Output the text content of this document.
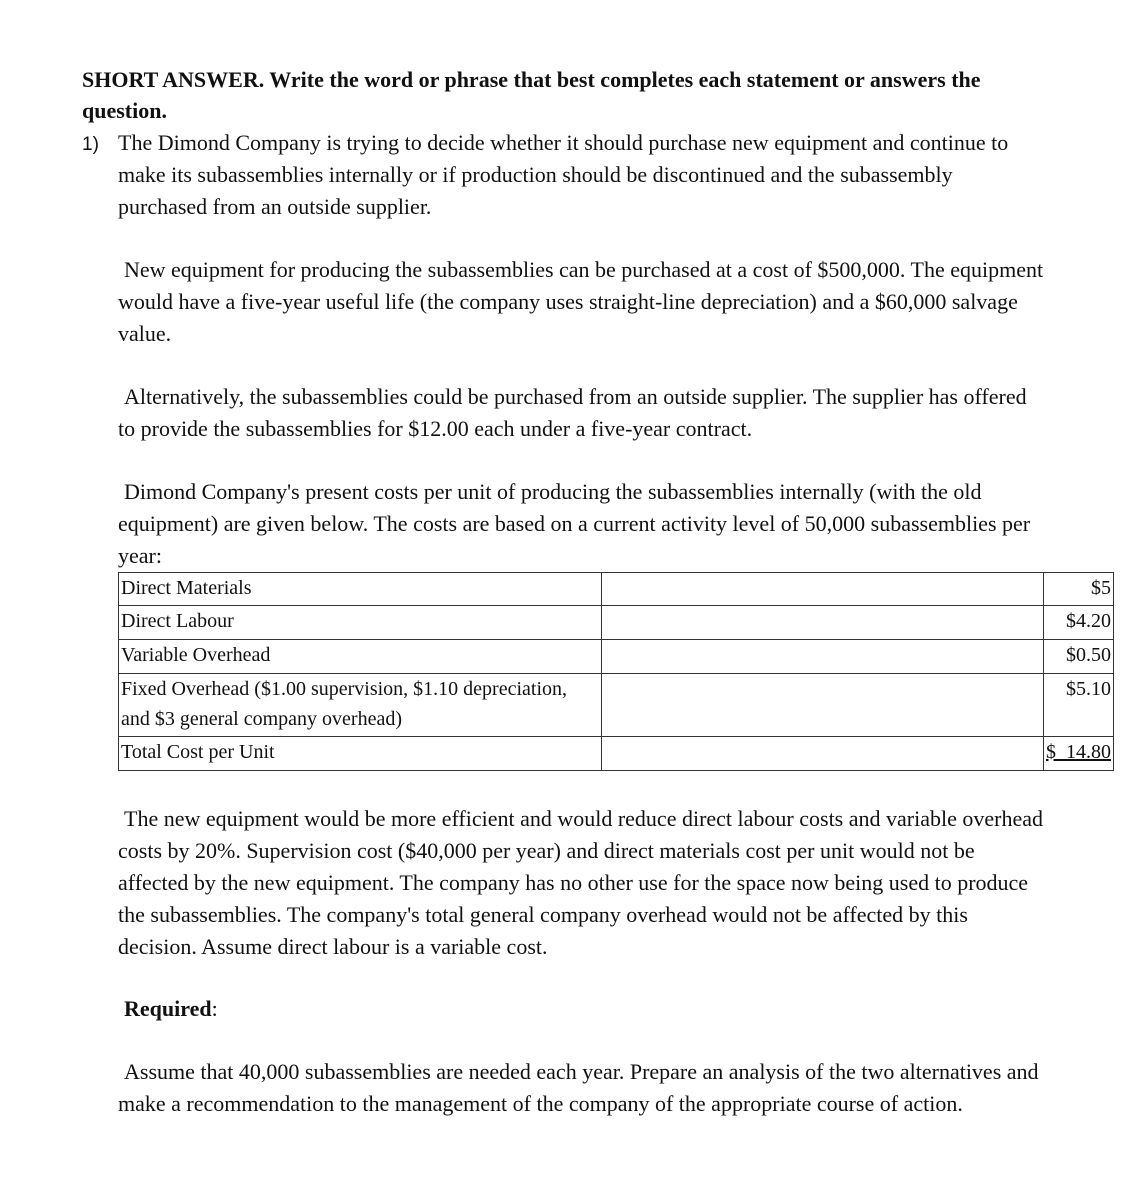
SHORT ANSWER. Write the word or phrase that best completes each statement or answers the question.
1) The Dimond Company is trying to decide whether it should purchase new equipment and continue to make its subassemblies internally or if production should be discontinued and the subassembly purchased from an outside supplier.
New equipment for producing the subassemblies can be purchased at a cost of $500,000. The equipment would have a five-year useful life (the company uses straight-line depreciation) and a $60,000 salvage value.
Alternatively, the subassemblies could be purchased from an outside supplier. The supplier has offered to provide the subassemblies for $12.00 each under a five-year contract.
Dimond Company's present costs per unit of producing the subassemblies internally (with the old equipment) are given below. The costs are based on a current activity level of 50,000 subassemblies per year:
Direct Materials		$5
Direct Labour		$4.20
Variable Overhead		$0.50
Fixed Overhead ($1.00 supervision, $1.10 depreciation, and $3 general company overhead)		$5.10
Total Cost per Unit		$ 14.80
The new equipment would be more efficient and would reduce direct labour costs and variable overhead costs by 20%. Supervision cost ($40,000 per year) and direct materials cost per unit would not be affected by the new equipment. The company has no other use for the space now being used to produce the subassemblies. The company's total general company overhead would not be affected by this decision. Assume direct labour is a variable cost.
Required:
Assume that 40,000 subassemblies are needed each year. Prepare an analysis of the two alternatives and make a recommendation to the management of the company of the appropriate course of action.
